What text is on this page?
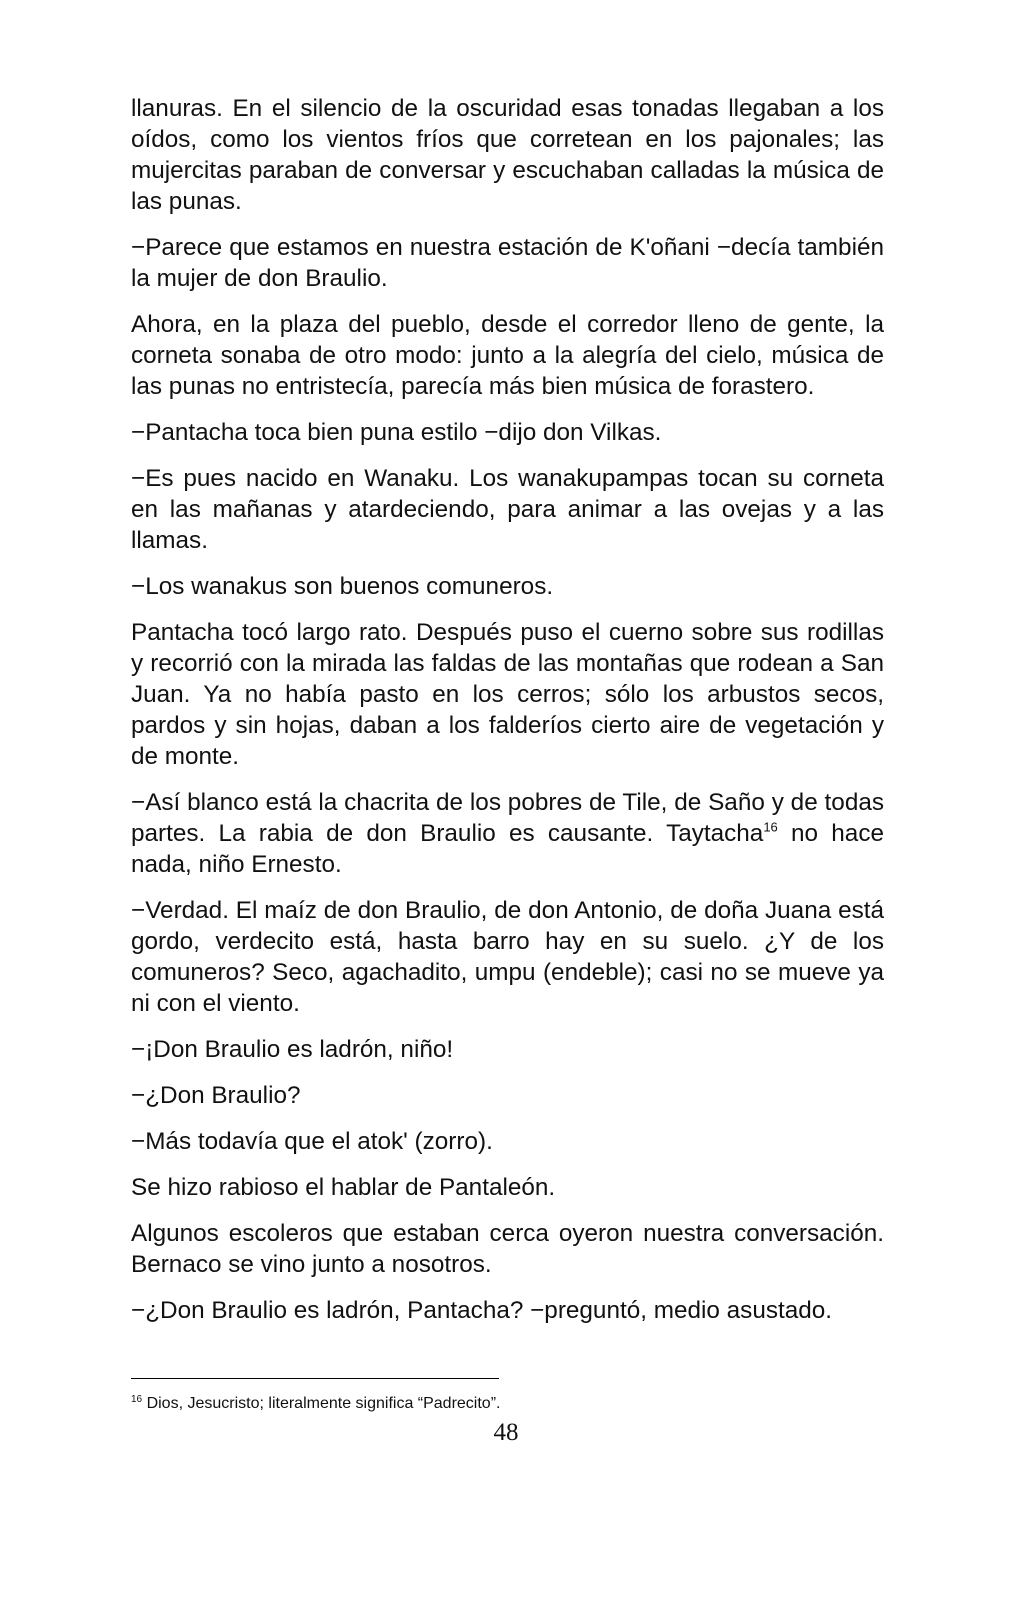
llanuras. En el silencio de la oscuridad esas tonadas llegaban a los oídos, como los vientos fríos que corretean en los pajonales; las mujercitas paraban de conversar y escuchaban calladas la música de las punas.

−Parece que estamos en nuestra estación de K'oñani −decía también la mujer de don Braulio.

Ahora, en la plaza del pueblo, desde el corredor lleno de gente, la corneta sonaba de otro modo: junto a la alegría del cielo, música de las punas no entristecía, parecía más bien música de forastero.

−Pantacha toca bien puna estilo −dijo don Vilkas.

−Es pues nacido en Wanaku. Los wanakupampas tocan su corneta en las mañanas y atardeciendo, para animar a las ovejas y a las llamas.

−Los wanakus son buenos comuneros.

Pantacha tocó largo rato. Después puso el cuerno sobre sus rodillas y recorrió con la mirada las faldas de las montañas que rodean a San Juan. Ya no había pasto en los cerros; sólo los arbustos secos, pardos y sin hojas, daban a los falderíos cierto aire de vegetación y de monte.

−Así blanco está la chacrita de los pobres de Tile, de Saño y de todas partes. La rabia de don Braulio es causante. Taytacha$^{16}$ no hace nada, niño Ernesto.

−Verdad. El maíz de don Braulio, de don Antonio, de doña Juana está gordo, verdecito está, hasta barro hay en su suelo. ¿Y de los comuneros? Seco, agachadito, umpu (endeble); casi no se mueve ya ni con el viento.

−¡Don Braulio es ladrón, niño!

−¿Don Braulio?

−Más todavía que el atok' (zorro).

Se hizo rabioso el hablar de Pantaleón.

Algunos escoleros que estaban cerca oyeron nuestra conversación. Bernaco se vino junto a nosotros.

−¿Don Braulio es ladrón, Pantacha? −preguntó, medio asustado.

$^{16}$ Dios, Jesucristo; literalmente significa “Padrecito”.
48
